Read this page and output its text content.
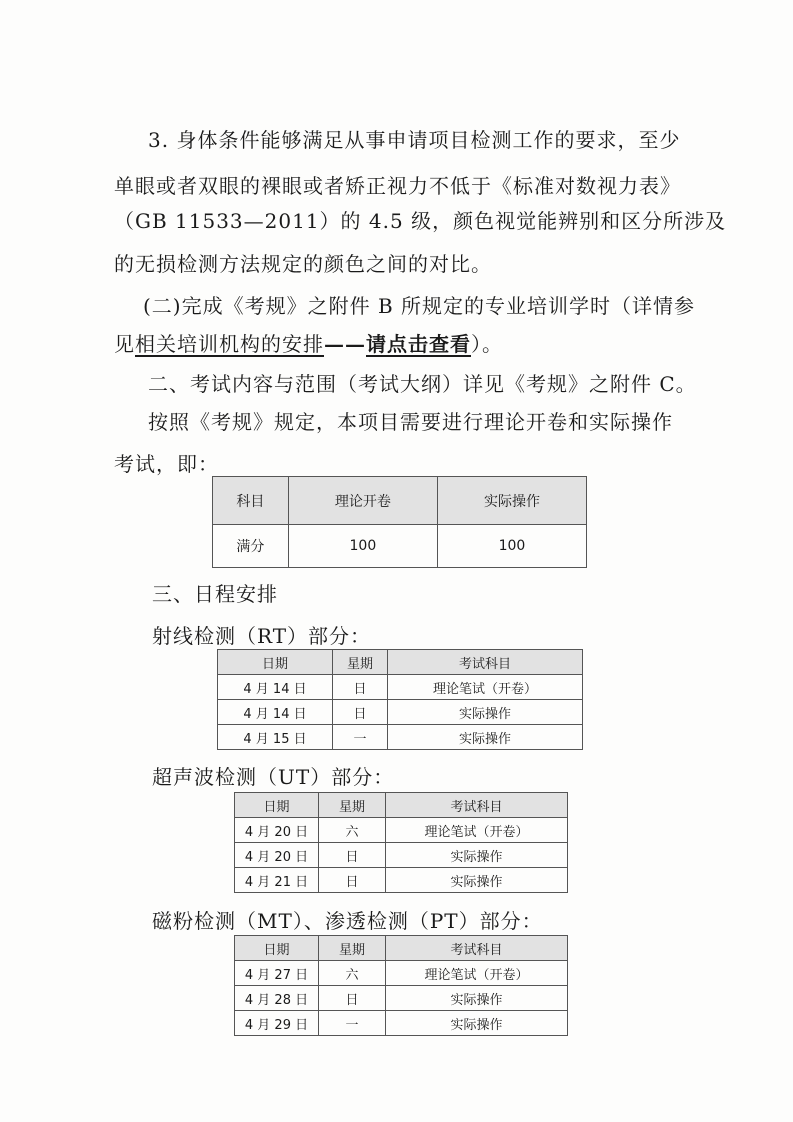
3. 身体条件能够满足从事申请项目检测工作的要求，至少
单眼或者双眼的裸眼或者矫正视力不低于《标准对数视力表》
（GB 11533—2011）的 4.5 级，颜色视觉能辨别和区分所涉及
的无损检测方法规定的颜色之间的对比。
(二)完成《考规》之附件 B 所规定的专业培训学时（详情参
见相关培训机构的安排——请点击查看）。
二、考试内容与范围（考试大纲）详见《考规》之附件 C。
按照《考规》规定，本项目需要进行理论开卷和实际操作
考试，即：
科目	理论开卷	实际操作
满分	100	100
三、日程安排
射线检测（RT）部分：
日期	星期	考试科目
4 月 14 日	日	理论笔试（开卷）
4 月 14 日	日	实际操作
4 月 15 日	一	实际操作
超声波检测（UT）部分：
日期	星期	考试科目
4 月 20 日	六	理论笔试（开卷）
4 月 20 日	日	实际操作
4 月 21 日	日	实际操作
磁粉检测（MT）、渗透检测（PT）部分：
日期	星期	考试科目
4 月 27 日	六	理论笔试（开卷）
4 月 28 日	日	实际操作
4 月 29 日	一	实际操作
